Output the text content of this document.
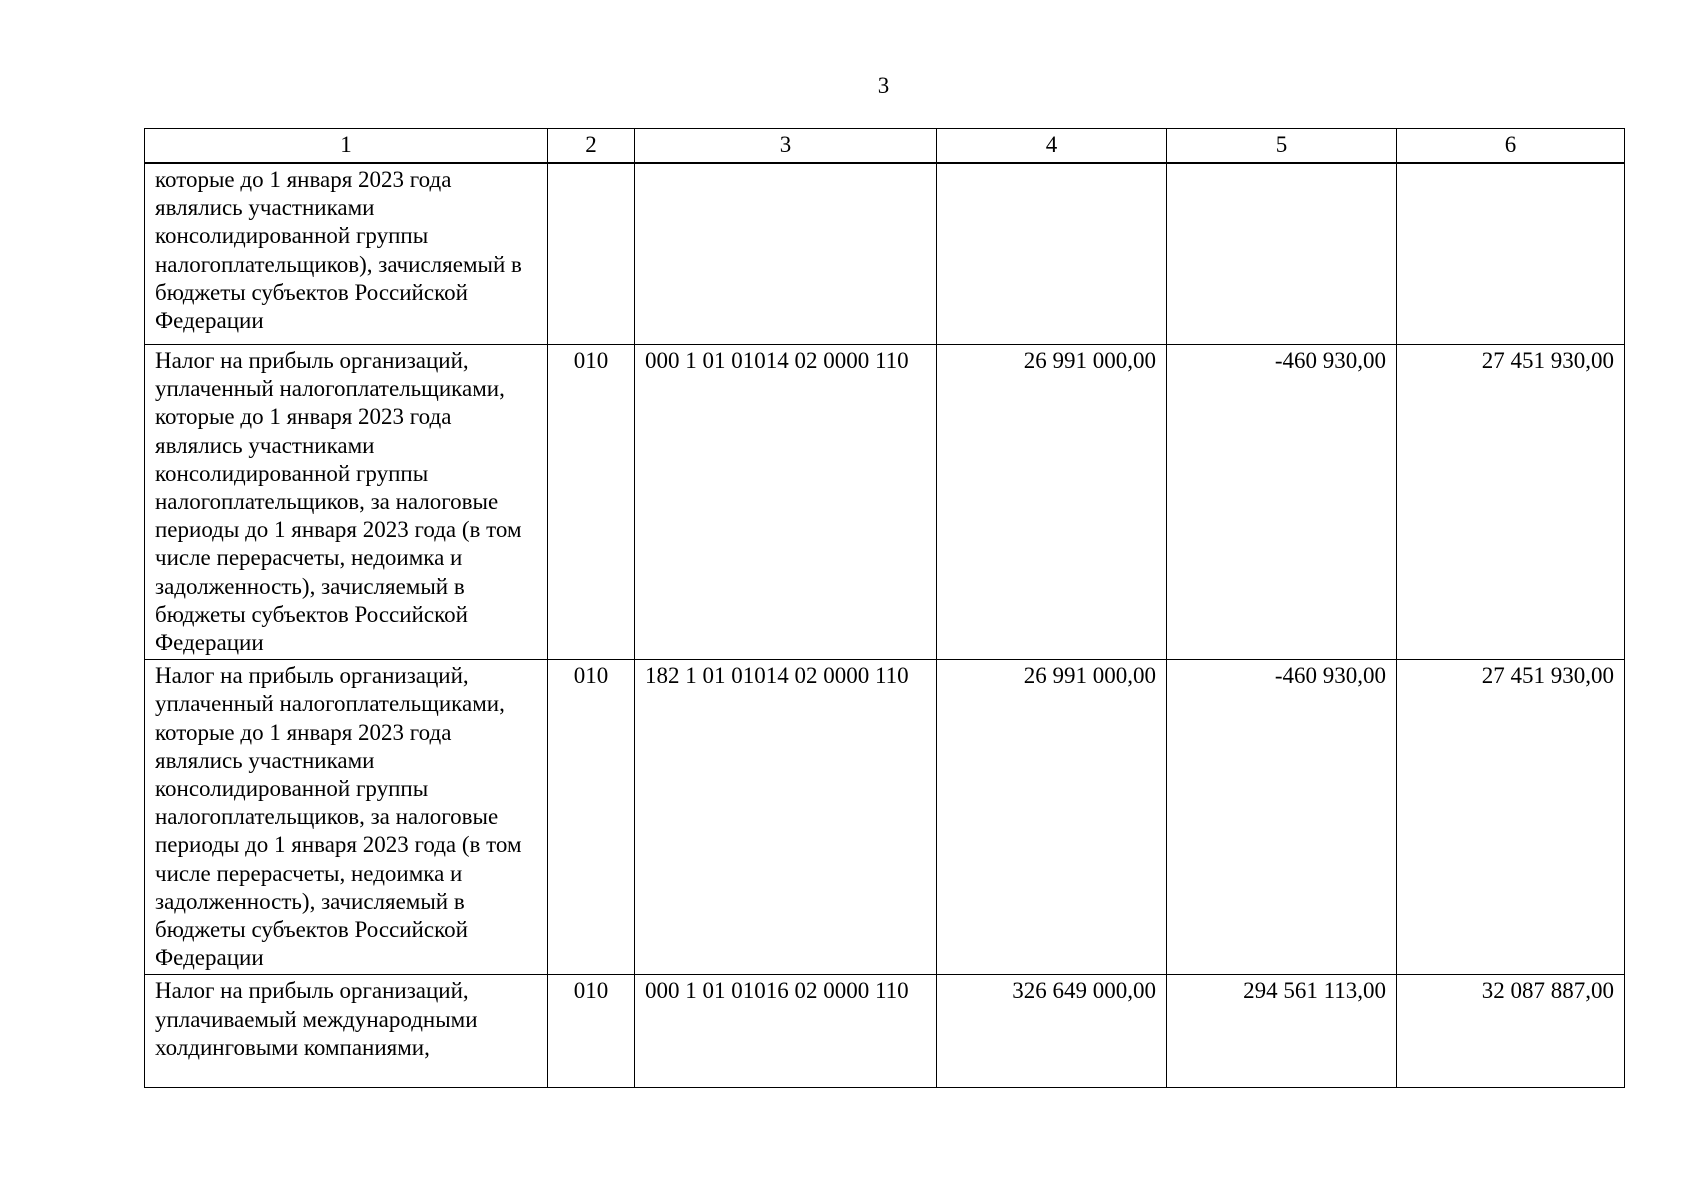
3
1	2	3	4	5	6
которые до 1 января 2023 года являлись участниками консолидированной группы налогоплательщиков), зачисляемый в бюджеты субъектов Российской Федерации					
Налог на прибыль организаций, уплаченный налогоплательщиками, которые до 1 января 2023 года являлись участниками консолидированной группы налогоплательщиков, за налоговые периоды до 1 января 2023 года (в том числе перерасчеты, недоимка и задолженность), зачисляемый в бюджеты субъектов Российской Федерации	010	000 1 01 01014 02 0000 110	26 991 000,00	-460 930,00	27 451 930,00
Налог на прибыль организаций, уплаченный налогоплательщиками, которые до 1 января 2023 года являлись участниками консолидированной группы налогоплательщиков, за налоговые периоды до 1 января 2023 года (в том числе перерасчеты, недоимка и задолженность), зачисляемый в бюджеты субъектов Российской Федерации	010	182 1 01 01014 02 0000 110	26 991 000,00	-460 930,00	27 451 930,00
Налог на прибыль организаций, уплачиваемый международными холдинговыми компаниями,	010	000 1 01 01016 02 0000 110	326 649 000,00	294 561 113,00	32 087 887,00
